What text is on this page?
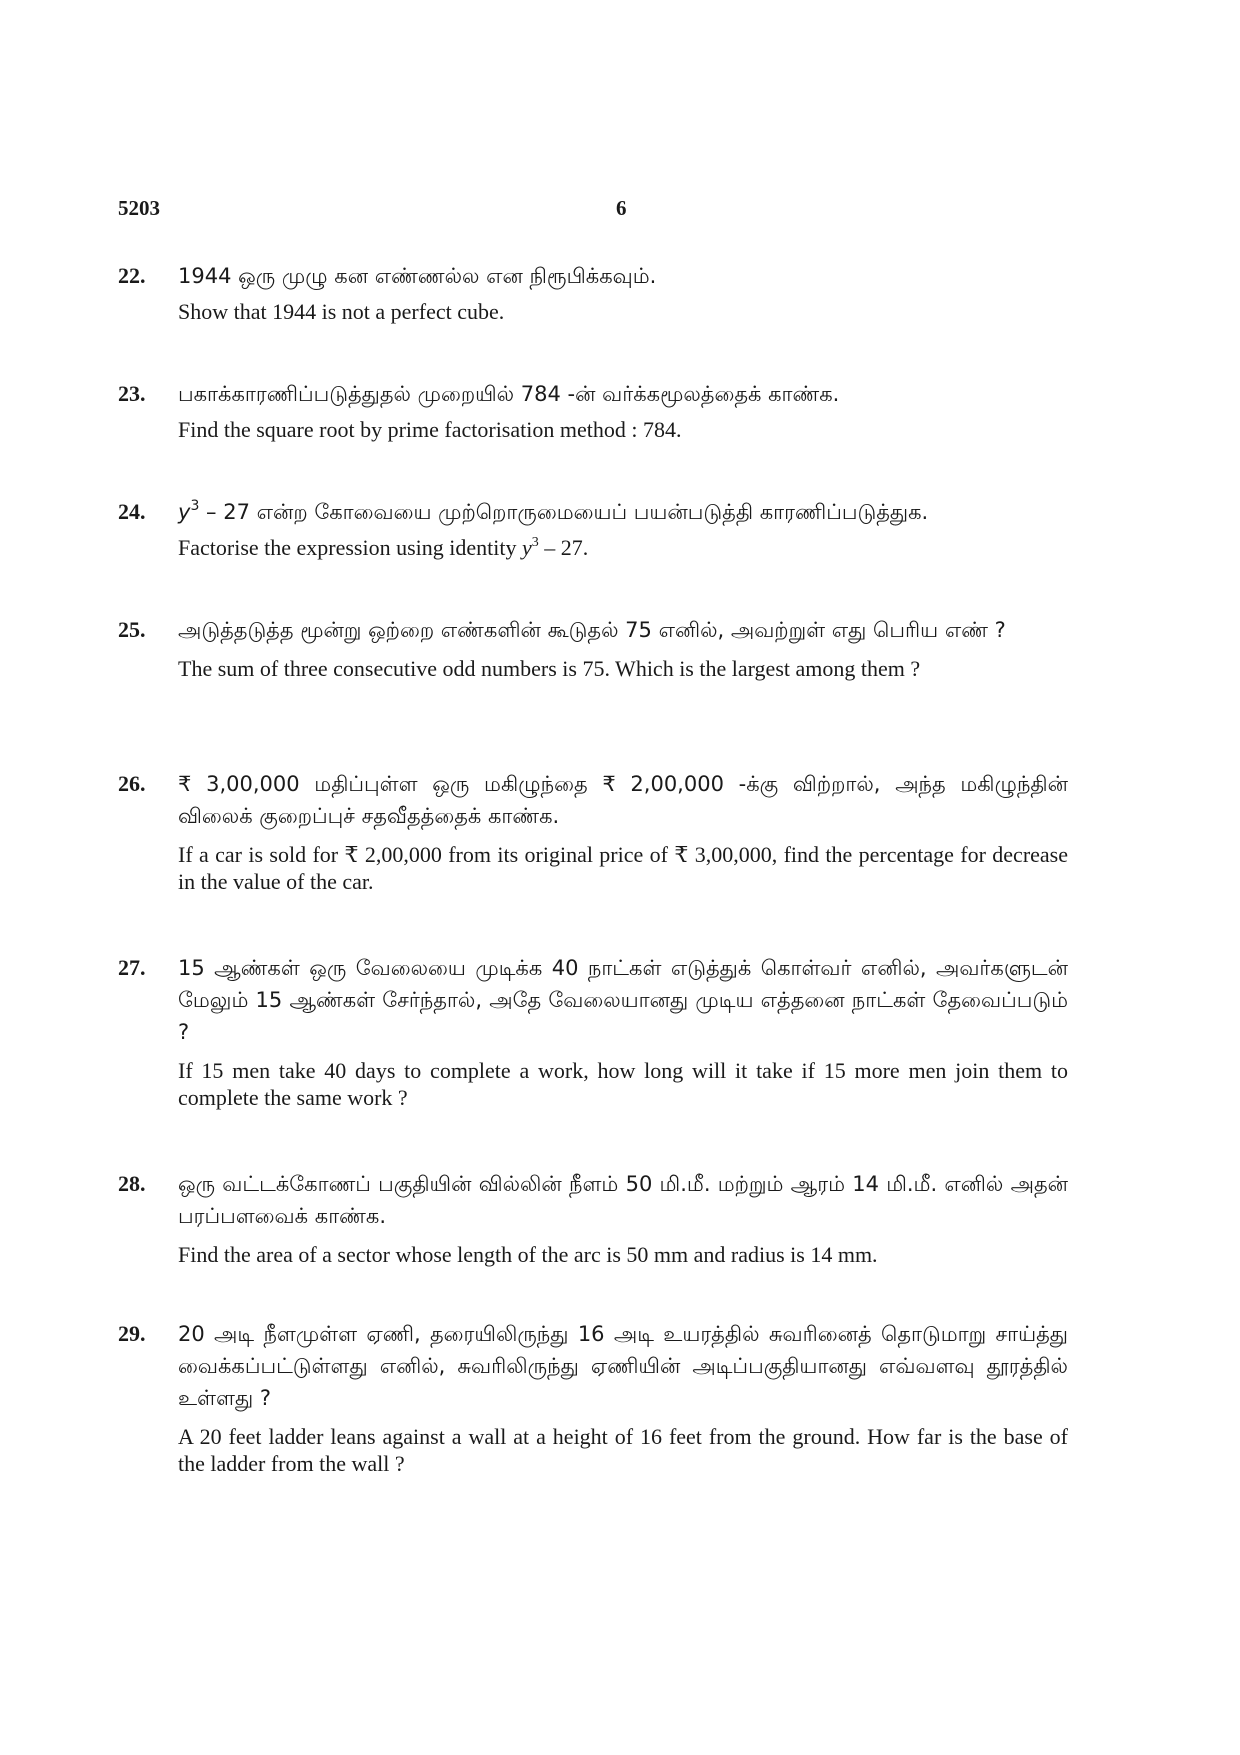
5203	6
22. 1944 ஒரு முழு கன எண்ணல்ல என நிரூபிக்கவும்.
Show that 1944 is not a perfect cube.
23. பகாக்காரணிப்படுத்துதல் முறையில் 784 -ன் வர்க்கமூலத்தைக் காண்க.
Find the square root by prime factorisation method : 784.
24. $y^3 - 27$ என்ற கோவையை முற்றொருமையைப் பயன்படுத்தி காரணிப்படுத்துக.
Factorise the expression using identity $y^3 - 27$.
25. அடுத்தடுத்த மூன்று ஒற்றை எண்களின் கூடுதல் 75 எனில், அவற்றுள் எது பெரிய எண் ?
The sum of three consecutive odd numbers is 75. Which is the largest among them ?
26. ₹ 3,00,000 மதிப்புள்ள ஒரு மகிழுந்தை ₹ 2,00,000 -க்கு விற்றால், அந்த மகிழுந்தின் விலைக் குறைப்புச் சதவீதத்தைக் காண்க.
If a car is sold for ₹ 2,00,000 from its original price of ₹ 3,00,000, find the percentage for decrease in the value of the car.
27. 15 ஆண்கள் ஒரு வேலையை முடிக்க 40 நாட்கள் எடுத்துக் கொள்வர் எனில், அவர்களுடன் மேலும் 15 ஆண்கள் சேர்ந்தால், அதே வேலையானது முடிய எத்தனை நாட்கள் தேவைப்படும் ?
If 15 men take 40 days to complete a work, how long will it take if 15 more men join them to complete the same work ?
28. ஒரு வட்டக்கோணப் பகுதியின் வில்லின் நீளம் 50 மி.மீ. மற்றும் ஆரம் 14 மி.மீ. எனில் அதன் பரப்பளவைக் காண்க.
Find the area of a sector whose length of the arc is 50 mm and radius is 14 mm.
29. 20 அடி நீளமுள்ள ஏணி, தரையிலிருந்து 16 அடி உயரத்தில் சுவரினைத் தொடுமாறு சாய்த்து வைக்கப்பட்டுள்ளது எனில், சுவரிலிருந்து ஏணியின் அடிப்பகுதியானது எவ்வளவு தூரத்தில் உள்ளது ?
A 20 feet ladder leans against a wall at a height of 16 feet from the ground. How far is the base of the ladder from the wall ?
